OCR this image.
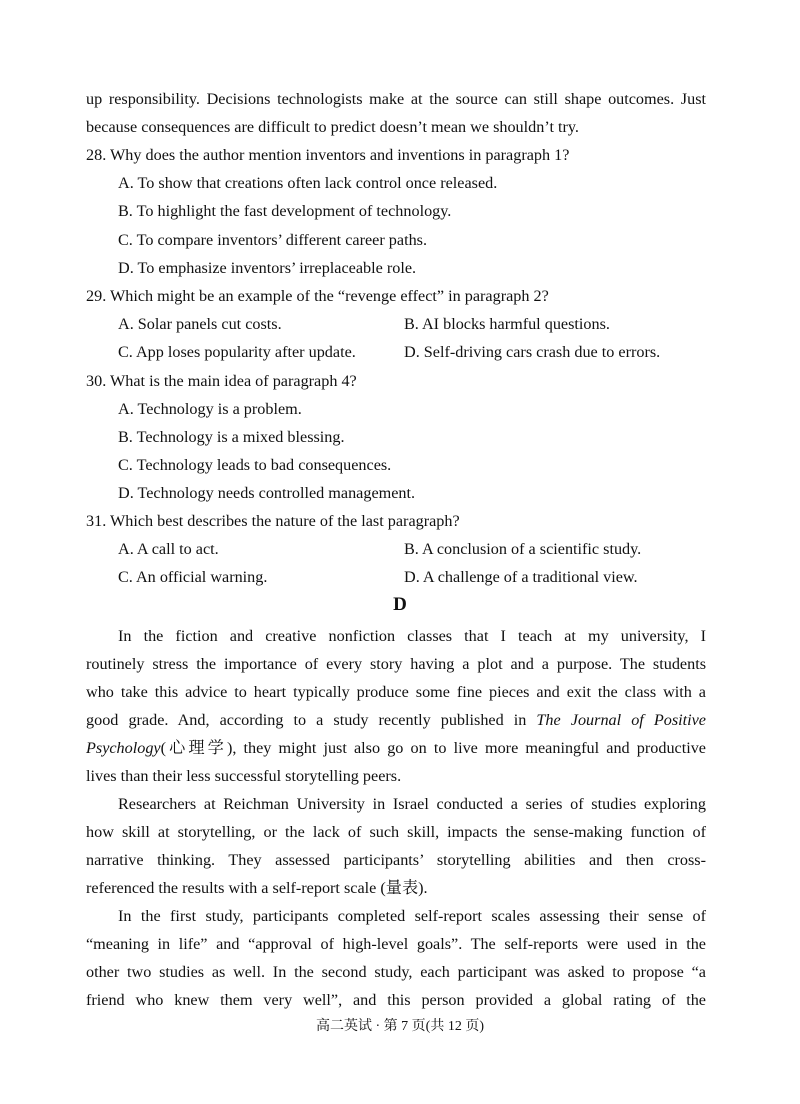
up responsibility. Decisions technologists make at the source can still shape outcomes. Just
because consequences are difficult to predict doesn’t mean we shouldn’t try.
28. Why does the author mention inventors and inventions in paragraph 1?
A. To show that creations often lack control once released.
B. To highlight the fast development of technology.
C. To compare inventors’ different career paths.
D. To emphasize inventors’ irreplaceable role.
29. Which might be an example of the “revenge effect” in paragraph 2?
A. Solar panels cut costs.	B. AI blocks harmful questions.
C. App loses popularity after update.	D. Self-driving cars crash due to errors.
30. What is the main idea of paragraph 4?
A. Technology is a problem.
B. Technology is a mixed blessing.
C. Technology leads to bad consequences.
D. Technology needs controlled management.
31. Which best describes the nature of the last paragraph?
A. A call to act.	B. A conclusion of a scientific study.
C. An official warning.	D. A challenge of a traditional view.
D
In the fiction and creative nonfiction classes that I teach at my university, I
routinely stress the importance of every story having a plot and a purpose. The students
who take this advice to heart typically produce some fine pieces and exit the class with a
good grade. And, according to a study recently published in The Journal of Positive
Psychology(心理学), they might just also go on to live more meaningful and productive
lives than their less successful storytelling peers.
Researchers at Reichman University in Israel conducted a series of studies exploring
how skill at storytelling, or the lack of such skill, impacts the sense-making function of
narrative thinking. They assessed participants’ storytelling abilities and then cross-
referenced the results with a self-report scale (量表).
In the first study, participants completed self-report scales assessing their sense of
“meaning in life” and “approval of high-level goals”. The self-reports were used in the
other two studies as well. In the second study, each participant was asked to propose “a
friend who knew them very well”, and this person provided a global rating of the
高二英试 · 第 7 页(共 12 页)
